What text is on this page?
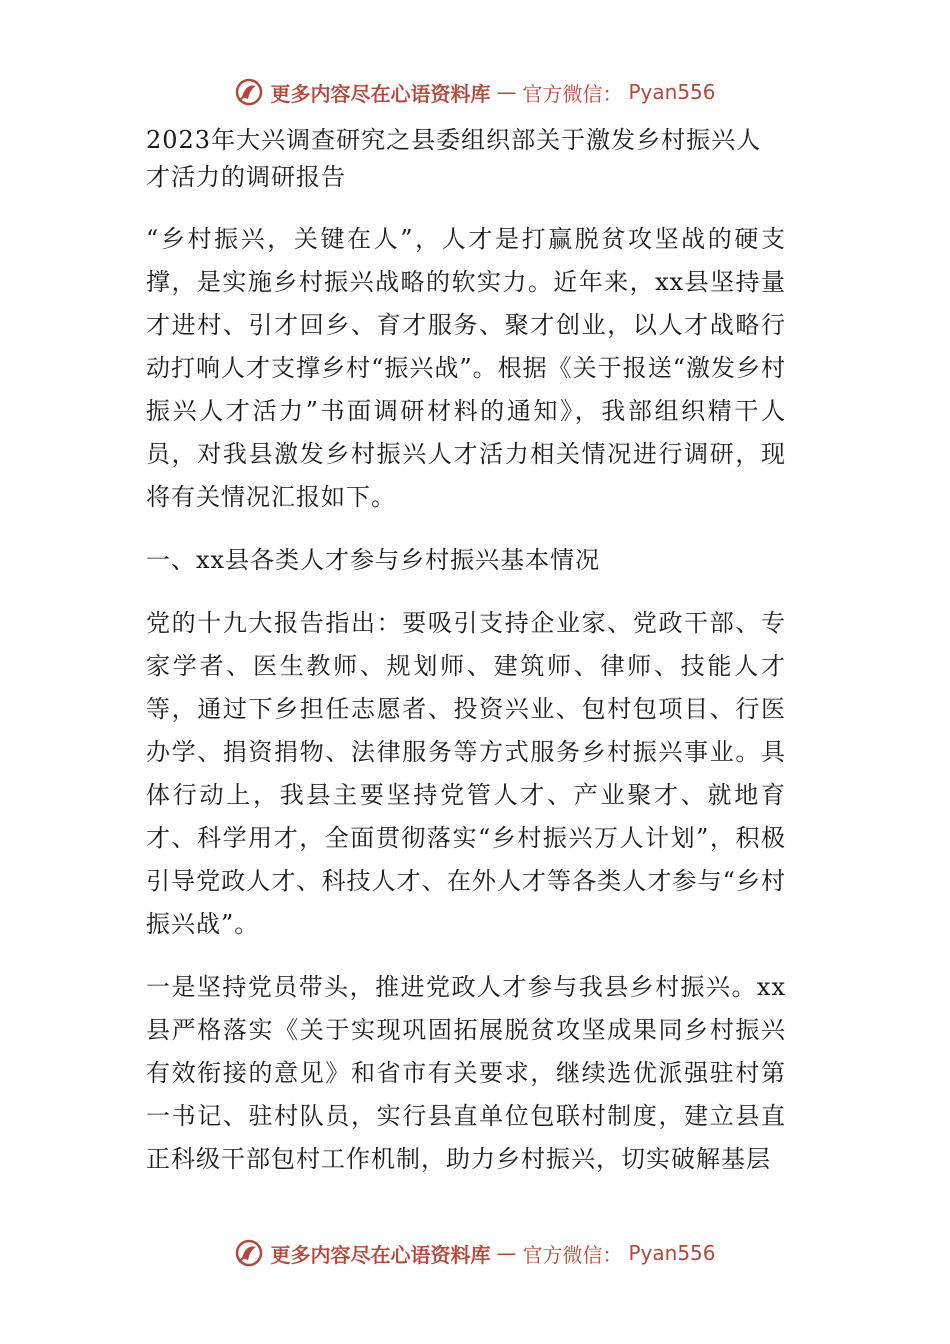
更多内容尽在心语资料库 — 官方微信： Pyan556
2023年大兴调查研究之县委组织部关于激发乡村振兴人才活力的调研报告

“乡村振兴，关键在人”，人才是打赢脱贫攻坚战的硬支撑，是实施乡村振兴战略的软实力。近年来，xx县坚持量才进村、引才回乡、育才服务、聚才创业，以人才战略行动打响人才支撑乡村“振兴战”。根据《关于报送“激发乡村振兴人才活力”书面调研材料的通知》，我部组织精干人员，对我县激发乡村振兴人才活力相关情况进行调研，现将有关情况汇报如下。

一、xx县各类人才参与乡村振兴基本情况

党的十九大报告指出：要吸引支持企业家、党政干部、专家学者、医生教师、规划师、建筑师、律师、技能人才等，通过下乡担任志愿者、投资兴业、包村包项目、行医办学、捐资捐物、法律服务等方式服务乡村振兴事业。具体行动上，我县主要坚持党管人才、产业聚才、就地育才、科学用才，全面贯彻落实“乡村振兴万人计划”，积极引导党政人才、科技人才、在外人才等各类人才参与“乡村振兴战”。

一是坚持党员带头，推进党政人才参与我县乡村振兴。xx县严格落实《关于实现巩固拓展脱贫攻坚成果同乡村振兴有效衔接的意见》和省市有关要求，继续选优派强驻村第一书记、驻村队员，实行县直单位包联村制度，建立县直正科级干部包村工作机制，助力乡村振兴，切实破解基层

更多内容尽在心语资料库 — 官方微信： Pyan556
